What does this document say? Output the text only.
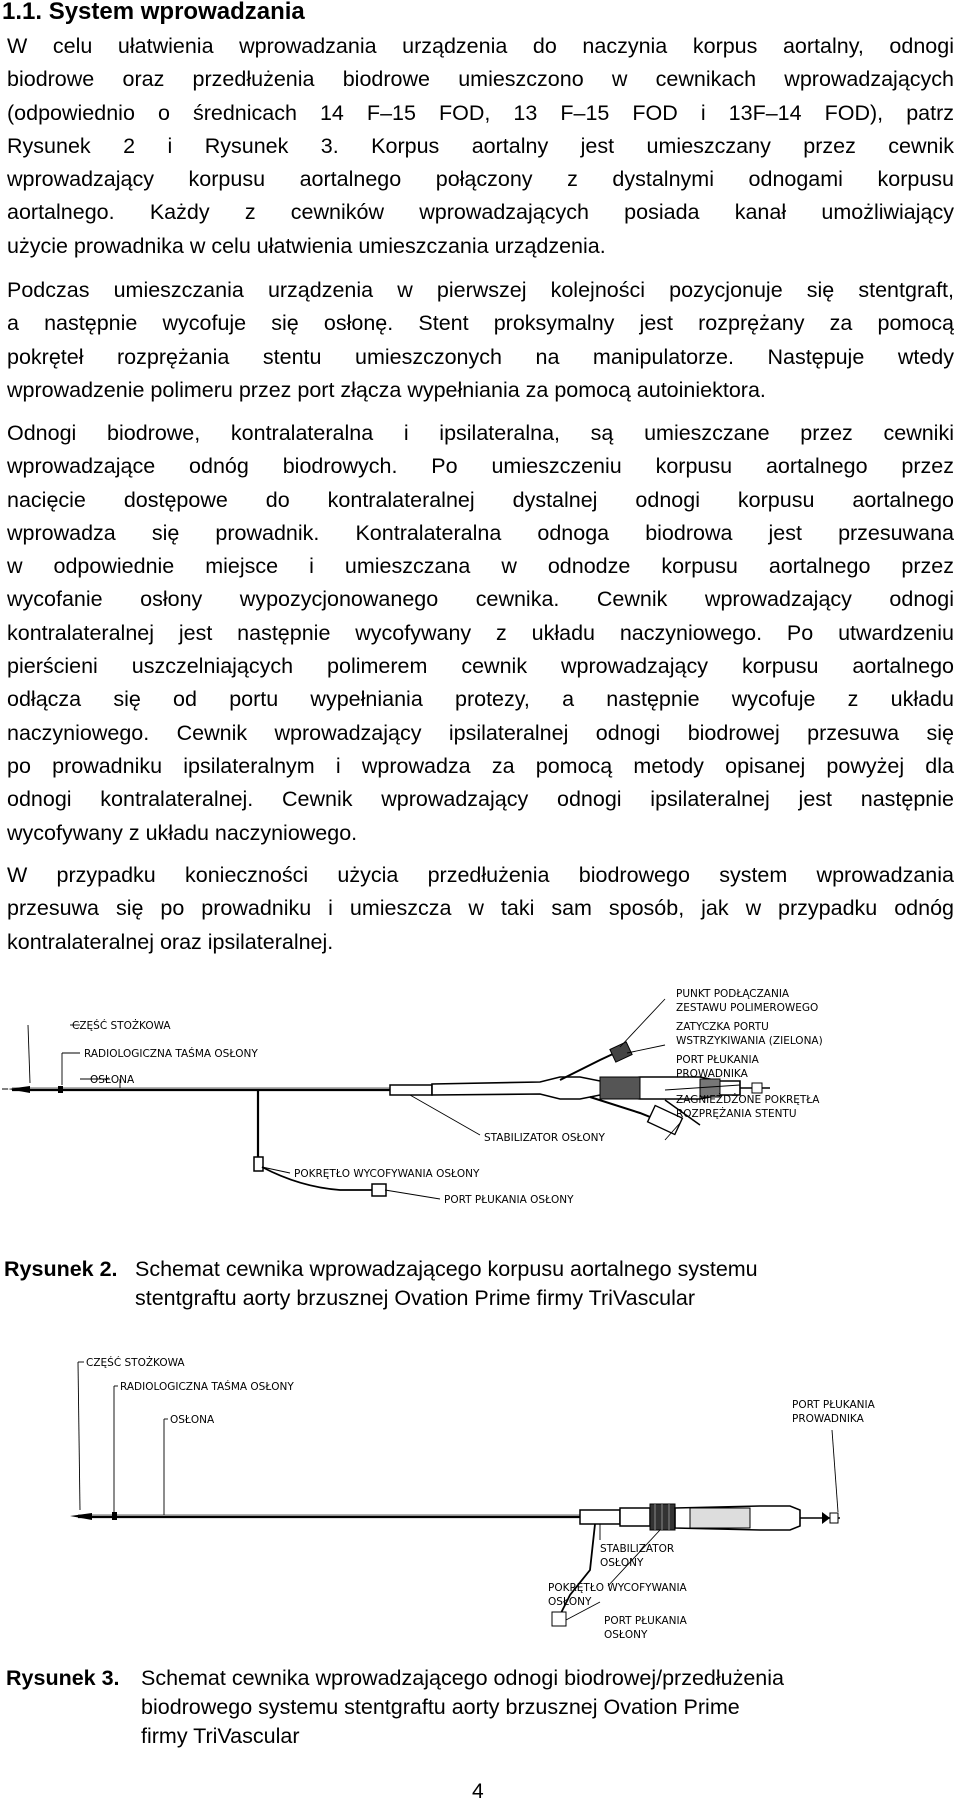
1.1. System wprowadzania
W celu ułatwienia wprowadzania urządzenia do naczynia korpus aortalny, odnogi
biodrowe oraz przedłużenia biodrowe umieszczono w cewnikach wprowadzających
(odpowiednio o średnicach 14 F–15 FOD, 13 F–15 FOD i 13F–14 FOD), patrz
Rysunek 2 i Rysunek 3. Korpus aortalny jest umieszczany przez cewnik
wprowadzający korpusu aortalnego połączony z dystalnymi odnogami korpusu
aortalnego. Każdy z cewników wprowadzających posiada kanał umożliwiający
użycie prowadnika w celu ułatwienia umieszczania urządzenia.
Podczas umieszczania urządzenia w pierwszej kolejności pozycjonuje się stentgraft,
a następnie wycofuje się osłonę. Stent proksymalny jest rozprężany za pomocą
pokręteł rozprężania stentu umieszczonych na manipulatorze. Następuje wtedy
wprowadzenie polimeru przez port złącza wypełniania za pomocą autoiniektora.
Odnogi biodrowe, kontralateralna i ipsilateralna, są umieszczane przez cewniki
wprowadzające odnóg biodrowych. Po umieszczeniu korpusu aortalnego przez
nacięcie dostępowe do kontralateralnej dystalnej odnogi korpusu aortalnego
wprowadza się prowadnik. Kontralateralna odnoga biodrowa jest przesuwana
w odpowiednie miejsce i umieszczana w odnodze korpusu aortalnego przez
wycofanie osłony wypozycjonowanego cewnika. Cewnik wprowadzający odnogi
kontralateralnej jest następnie wycofywany z układu naczyniowego. Po utwardzeniu
pierścieni uszczelniających polimerem cewnik wprowadzający korpusu aortalnego
odłącza się od portu wypełniania protezy, a następnie wycofuje z układu
naczyniowego. Cewnik wprowadzający ipsilateralnej odnogi biodrowej przesuwa się
po prowadniku ipsilateralnym i wprowadza za pomocą metody opisanej powyżej dla
odnogi kontralateralnej. Cewnik wprowadzający odnogi ipsilateralnej jest następnie
wycofywany z układu naczyniowego.
W przypadku konieczności użycia przedłużenia biodrowego system wprowadzania
przesuwa się po prowadniku i umieszcza w taki sam sposób, jak w przypadku odnóg
kontralateralnej oraz ipsilateralnej.
CZĘŚĆ STOŻKOWA
RADIOLOGICZNA TAŚMA OSŁONY
OSŁONA
PUNKT PODŁĄCZANIA
ZESTAWU POLIMEROWEGO
ZATYCZKA PORTU
WSTRZYKIWANIA (ZIELONA)
PORT PŁUKANIA
PROWADNIKA
ZAGNIEŻDŻONE POKRĘTŁA
ROZPRĘŻANIA STENTU
STABILIZATOR OSŁONY
POKRĘTŁO WYCOFYWANIA OSŁONY
PORT PŁUKANIA OSŁONY
Rysunek 2. Schemat cewnika wprowadzającego korpusu aortalnego systemu
stentgraftu aorty brzusznej Ovation Prime firmy TriVascular
CZĘŚĆ STOŻKOWA
RADIOLOGICZNA TAŚMA OSŁONY
OSŁONA
PORT PŁUKANIA
PROWADNIKA
STABILIZATOR
OSŁONY
POKRĘTŁO WYCOFYWANIA
OSŁONY
PORT PŁUKANIA
OSŁONY
Rysunek 3. Schemat cewnika wprowadzającego odnogi biodrowej/przedłużenia
biodrowego systemu stentgraftu aorty brzusznej Ovation Prime
firmy TriVascular
4
